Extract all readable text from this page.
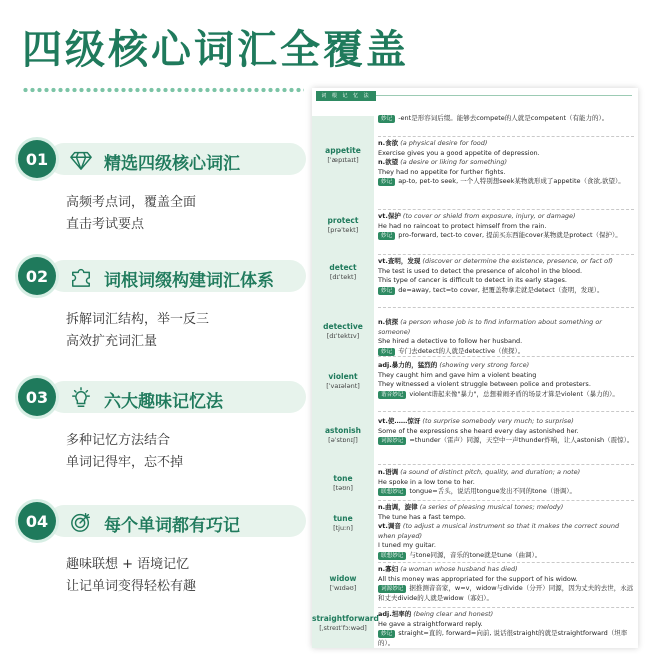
四级核心词汇全覆盖
01	精选四级核心词汇
高频考点词，覆盖全面
直击考试要点
02	词根词缀构建词汇体系
拆解词汇结构，举一反三
高效扩充词汇量
03	六大趣味记忆法
多种记忆方法结合
单词记得牢，忘不掉
04	每个单词都有巧记
趣味联想 + 语境记忆
让记单词变得轻松有趣
词 根 记 忆 法
妙记 -ent是形容词后缀。能够去compete的人就是competent（有能力的）。
appetite
[ˈæpɪtaɪt]
n.食欲 (a physical desire for food)
Exercise gives you a good appetite of depression.
n.欲望 (a desire or liking for something)
They had no appetite for further fights.
妙记 ap-to, pet-to seek, 一个人特别想seek某物就形成了appetite（食欲,欲望）。
protect
[prəˈtekt]
vt.保护 (to cover or shield from exposure, injury, or damage)
He had no raincoat to protect himself from the rain.
妙记 pro-forward, tect-to cover, 提前买东西能cover某物就是protect（保护）。
detect
[dɪˈtekt]
vt.查明，发现 (discover or determine the existence, presence, or fact of)
The test is used to detect the presence of alcohol in the blood.
This type of cancer is difficult to detect in its early stages.
妙记 de=away, tect=to cover, 把覆盖物拿走就是detect（查明，发现）。
detective
[dɪˈtektɪv]
n.侦探 (a person whose job is to find information about something or someone)
She hired a detective to follow her husband.
妙记 专门去detect的人就是detective（侦探）。
violent
[ˈvaɪələnt]
adj.暴力的，猛烈的 (showing very strong force)
They caught him and gave him a violent beating
They witnessed a violent struggle between police and protesters.
谐音妙记 violent谐起来像"暴力"，总想着闹矛盾的场景才算是violent（暴力的）。
astonish
[əˈstɒnɪʃ]
vt.使……惊讶 (to surprise somebody very much; to surprise)
Some of the expressions she heard every day astonished her.
词源妙记 =thunder（雷声）同源，天空中一声thunder炸响，让人astonish（震惊）。
tone
[təʊn]
n.语调 (a sound of distinct pitch, quality, and duration; a note)
He spoke in a low tone to her.
联想妙记 tongue=舌头，说话用tongue发出不同的tone（语调）。
tune
[tjuːn]
n.曲调，旋律 (a series of pleasing musical tones; melody)
The tune has a fast tempo.
vt.调音 (to adjust a musical instrument so that it makes the correct sound when played)
I tuned my guitar.
联想妙记 与tone同源，音乐的tone就是tune（曲调）。
widow
[ˈwɪdəʊ]
n.寡妇 (a woman whose husband has died)
All this money was appropriated for the support of his widow.
词源妙记 据推测音音家，w=v，widow与divide（分开）同源，因为丈夫的去世，永远和丈夫divide的人就是widow（寡妇）。
straightforward
[ˌstreɪtˈfɔːwəd]
adj.坦率的 (being clear and honest)
He gave a straightforward reply.
妙记 straight=直的, forward=向前, 说话很straight的就是straightforward（坦率的）。
